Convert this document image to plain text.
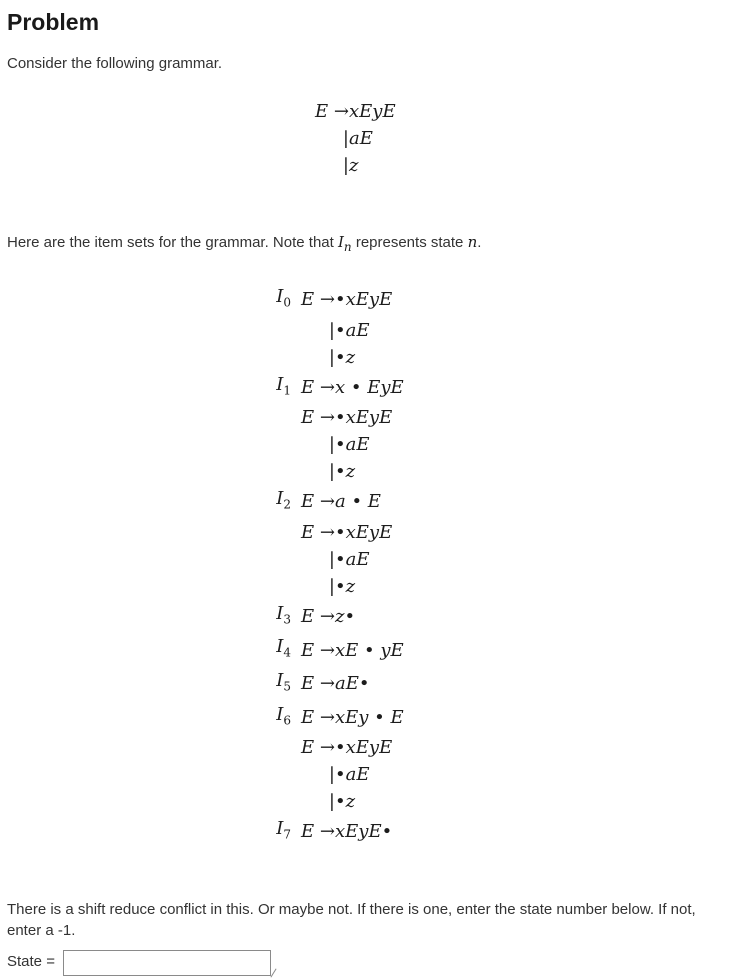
Problem

Consider the following grammar.

E →	xEyE
|	aE
|	z

Here are the item sets for the grammar. Note that $I_n$ represents state n.

$I_0$	E →	•xEyE
	|	•aE
	|	•z
$I_1$	E →	x • EyE
	E →	•xEyE
	|	•aE
	|	•z
$I_2$	E →	a • E
	E →	•xEyE
	|	•aE
	|	•z
$I_3$	E →	z•
$I_4$	E →	xE • yE
$I_5$	E →	aE•
$I_6$	E →	xEy • E
	E →	•xEyE
	|	•aE
	|	•z
$I_7$	E →	xEyE•

There is a shift reduce conflict in this. Or maybe not. If there is one, enter the state number below. If not, enter a -1.

State =
